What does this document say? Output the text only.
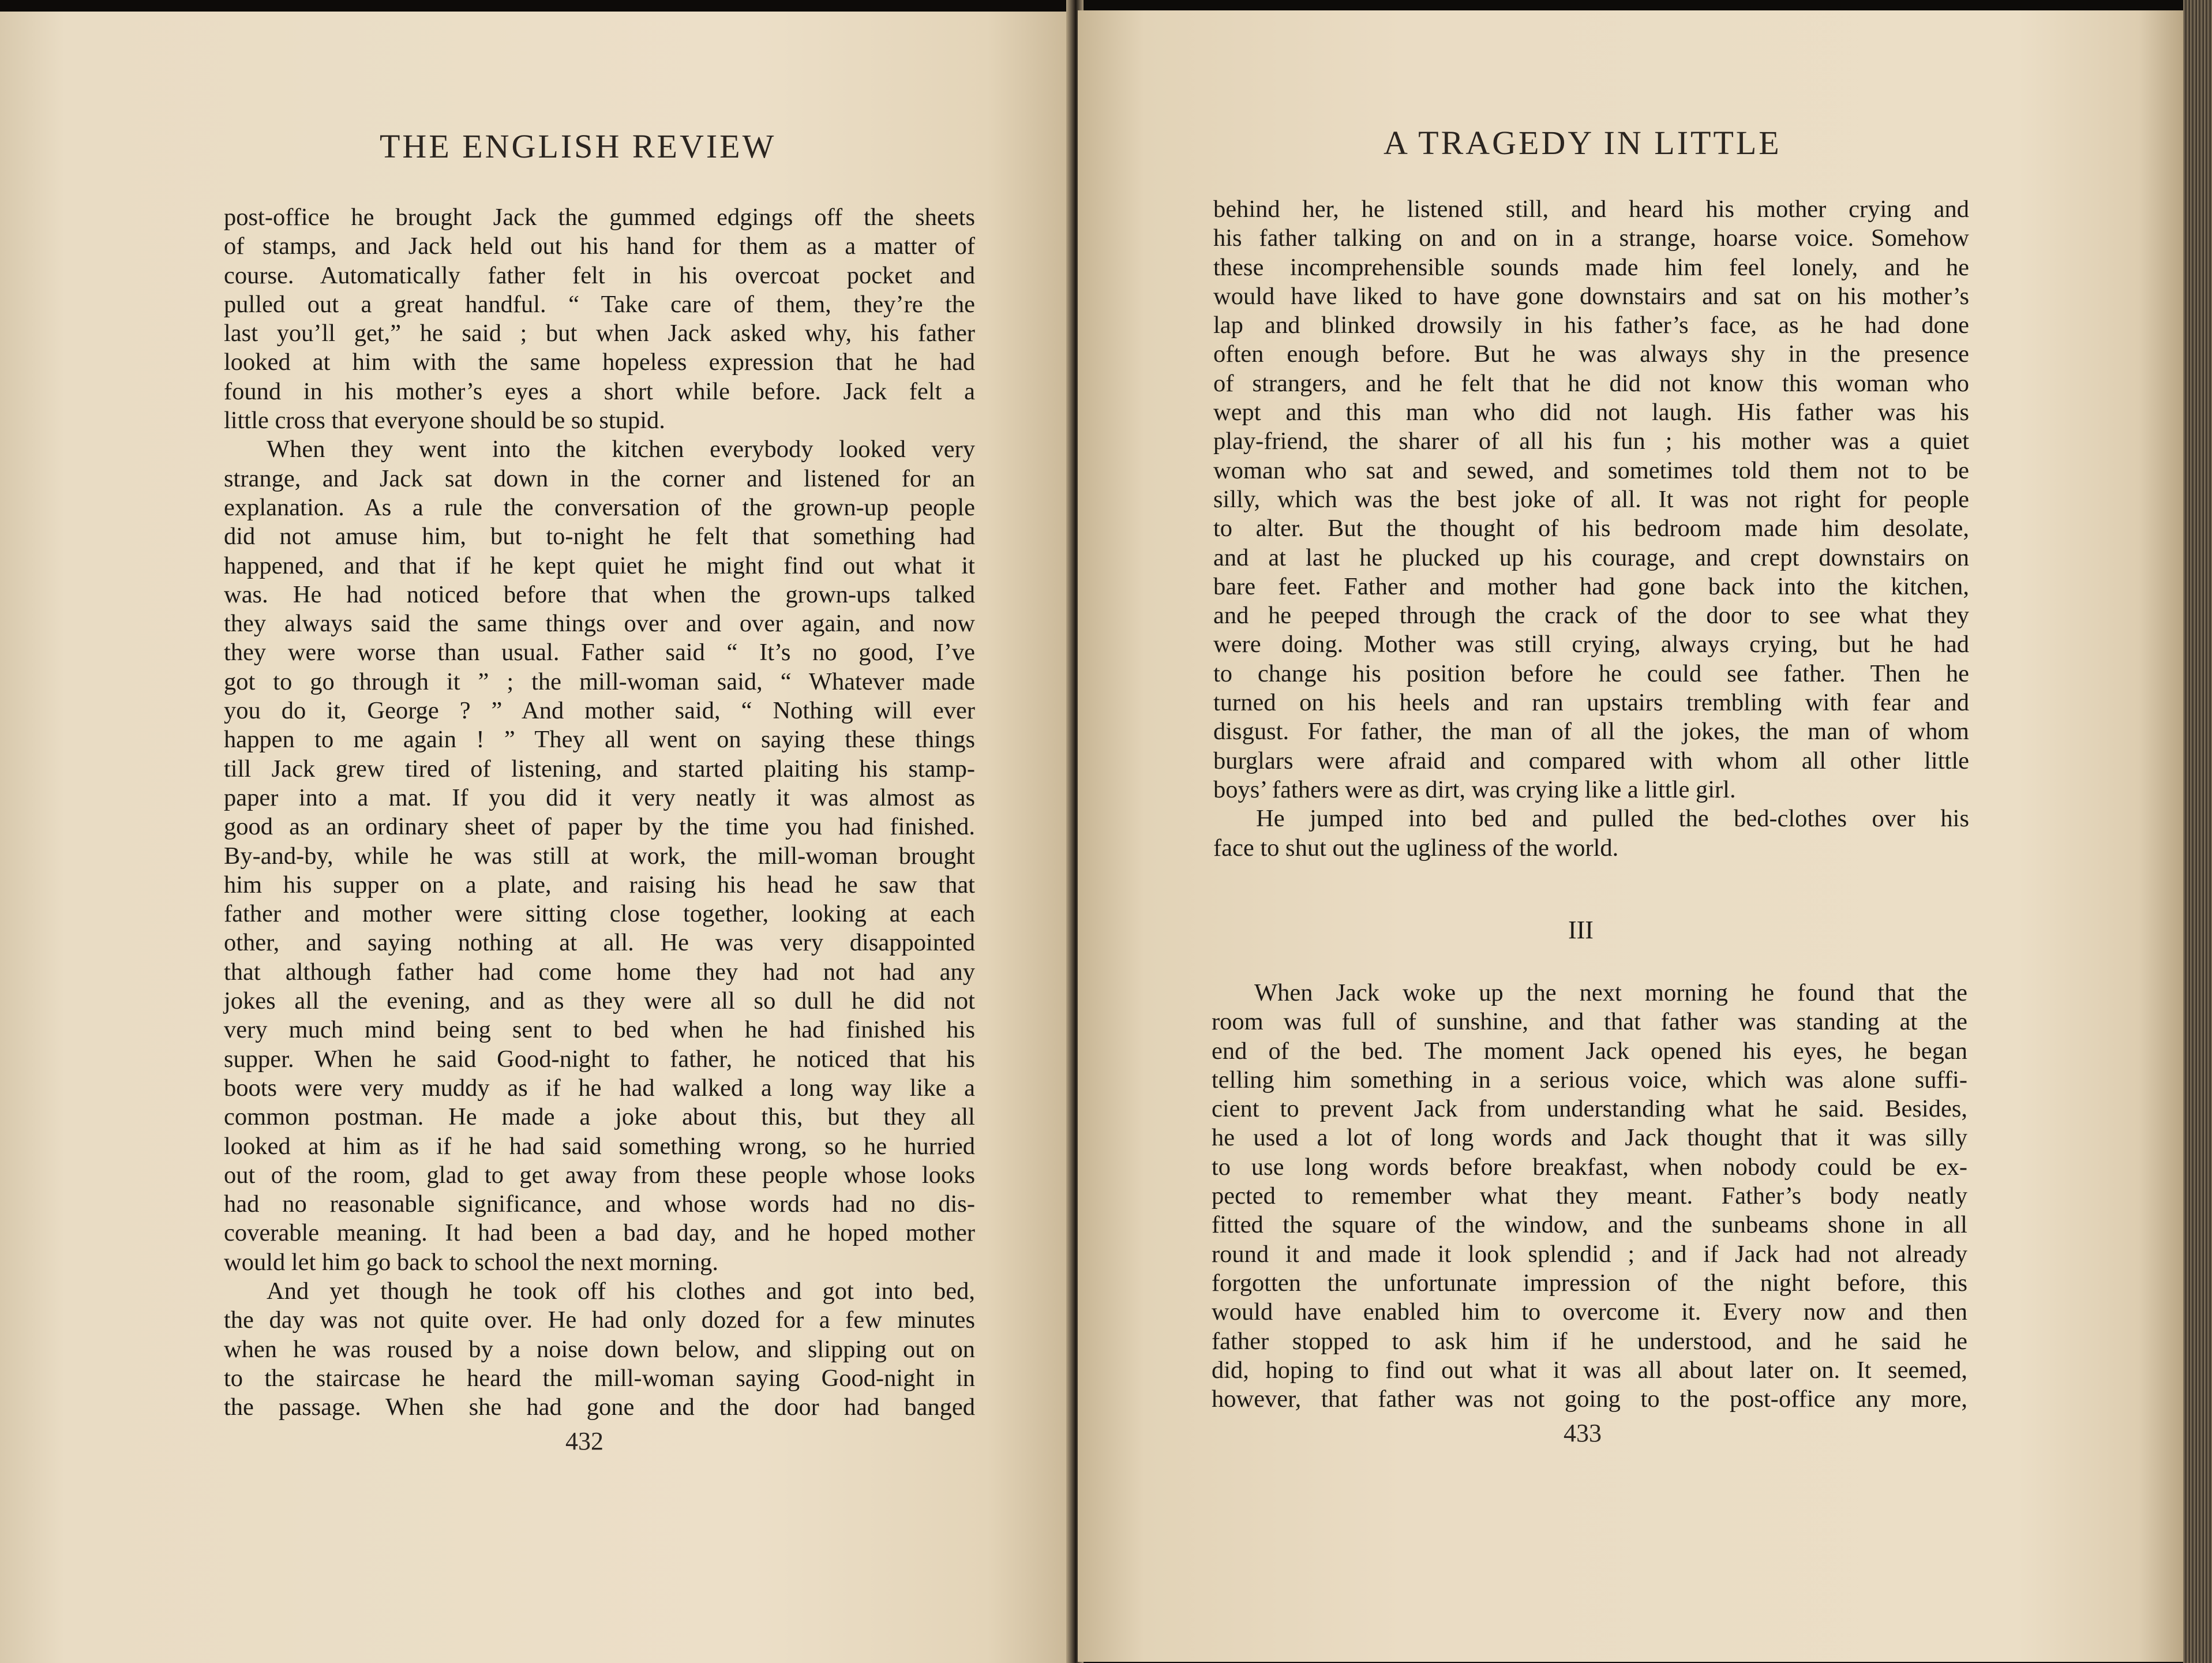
THE ENGLISH REVIEW
post-office he brought Jack the gummed edgings off the sheets
of stamps, and Jack held out his hand for them as a matter of
course. Automatically father felt in his overcoat pocket and
pulled out a great handful. “ Take care of them, they’re the
last you’ll get,” he said ; but when Jack asked why, his father
looked at him with the same hopeless expression that he had
found in his mother’s eyes a short while before. Jack felt a
little cross that everyone should be so stupid.
When they went into the kitchen everybody looked very
strange, and Jack sat down in the corner and listened for an
explanation. As a rule the conversation of the grown-up people
did not amuse him, but to-night he felt that something had
happened, and that if he kept quiet he might find out what it
was. He had noticed before that when the grown-ups talked
they always said the same things over and over again, and now
they were worse than usual. Father said “ It’s no good, I’ve
got to go through it ” ; the mill-woman said, “ Whatever made
you do it, George ? ” And mother said, “ Nothing will ever
happen to me again ! ” They all went on saying these things
till Jack grew tired of listening, and started plaiting his stamp-
paper into a mat. If you did it very neatly it was almost as
good as an ordinary sheet of paper by the time you had finished.
By-and-by, while he was still at work, the mill-woman brought
him his supper on a plate, and raising his head he saw that
father and mother were sitting close together, looking at each
other, and saying nothing at all. He was very disappointed
that although father had come home they had not had any
jokes all the evening, and as they were all so dull he did not
very much mind being sent to bed when he had finished his
supper. When he said Good-night to father, he noticed that his
boots were very muddy as if he had walked a long way like a
common postman. He made a joke about this, but they all
looked at him as if he had said something wrong, so he hurried
out of the room, glad to get away from these people whose looks
had no reasonable significance, and whose words had no dis-
coverable meaning. It had been a bad day, and he hoped mother
would let him go back to school the next morning.
And yet though he took off his clothes and got into bed,
the day was not quite over. He had only dozed for a few minutes
when he was roused by a noise down below, and slipping out on
to the staircase he heard the mill-woman saying Good-night in
the passage. When she had gone and the door had banged
432
A TRAGEDY IN LITTLE
behind her, he listened still, and heard his mother crying and
his father talking on and on in a strange, hoarse voice. Somehow
these incomprehensible sounds made him feel lonely, and he
would have liked to have gone downstairs and sat on his mother’s
lap and blinked drowsily in his father’s face, as he had done
often enough before. But he was always shy in the presence
of strangers, and he felt that he did not know this woman who
wept and this man who did not laugh. His father was his
play-friend, the sharer of all his fun ; his mother was a quiet
woman who sat and sewed, and sometimes told them not to be
silly, which was the best joke of all. It was not right for people
to alter. But the thought of his bedroom made him desolate,
and at last he plucked up his courage, and crept downstairs on
bare feet. Father and mother had gone back into the kitchen,
and he peeped through the crack of the door to see what they
were doing. Mother was still crying, always crying, but he had
to change his position before he could see father. Then he
turned on his heels and ran upstairs trembling with fear and
disgust. For father, the man of all the jokes, the man of whom
burglars were afraid and compared with whom all other little
boys’ fathers were as dirt, was crying like a little girl.
He jumped into bed and pulled the bed-clothes over his
face to shut out the ugliness of the world.
III
When Jack woke up the next morning he found that the
room was full of sunshine, and that father was standing at the
end of the bed. The moment Jack opened his eyes, he began
telling him something in a serious voice, which was alone suffi-
cient to prevent Jack from understanding what he said. Besides,
he used a lot of long words and Jack thought that it was silly
to use long words before breakfast, when nobody could be ex-
pected to remember what they meant. Father’s body neatly
fitted the square of the window, and the sunbeams shone in all
round it and made it look splendid ; and if Jack had not already
forgotten the unfortunate impression of the night before, this
would have enabled him to overcome it. Every now and then
father stopped to ask him if he understood, and he said he
did, hoping to find out what it was all about later on. It seemed,
however, that father was not going to the post-office any more,
433
